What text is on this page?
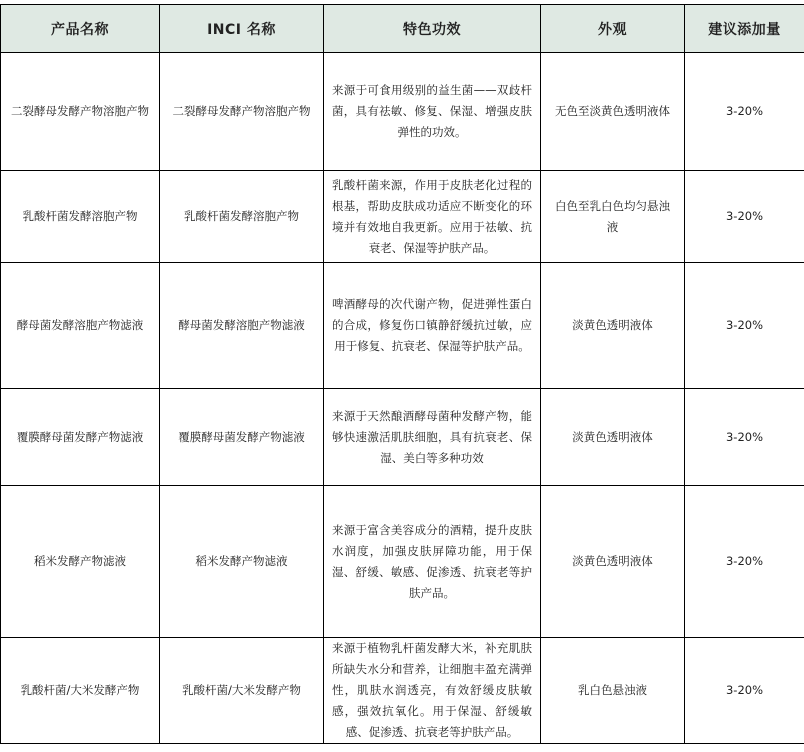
产品名称	INCI 名称	特色功效	外观	建议添加量
二裂酵母发酵产物溶胞产物	二裂酵母发酵产物溶胞产物	来源于可食用级别的益生菌——双歧杆菌，具有祛敏、修复、保湿、增强皮肤弹性的功效。	无色至淡黄色透明液体	3-20%
乳酸杆菌发酵溶胞产物	乳酸杆菌发酵溶胞产物	乳酸杆菌来源，作用于皮肤老化过程的根基，帮助皮肤成功适应不断变化的环境并有效地自我更新。应用于祛敏、抗衰老、保湿等护肤产品。	白色至乳白色均匀悬浊液	3-20%
酵母菌发酵溶胞产物滤液	酵母菌发酵溶胞产物滤液	啤酒酵母的次代谢产物，促进弹性蛋白的合成，修复伤口镇静舒缓抗过敏，应用于修复、抗衰老、保湿等护肤产品。	淡黄色透明液体	3-20%
覆膜酵母菌发酵产物滤液	覆膜酵母菌发酵产物滤液	来源于天然酿酒酵母菌种发酵产物，能够快速激活肌肤细胞，具有抗衰老、保湿、美白等多种功效	淡黄色透明液体	3-20%
稻米发酵产物滤液	稻米发酵产物滤液	来源于富含美容成分的酒精，提升皮肤水润度，加强皮肤屏障功能，用于保湿、舒缓、敏感、促渗透、抗衰老等护肤产品。	淡黄色透明液体	3-20%
乳酸杆菌/大米发酵产物	乳酸杆菌/大米发酵产物	来源于植物乳杆菌发酵大米，补充肌肤所缺失水分和营养，让细胞丰盈充满弹性，肌肤水润透亮，有效舒缓皮肤敏感，强效抗氧化。用于保湿、舒缓敏感、促渗透、抗衰老等护肤产品。	乳白色悬浊液	3-20%
